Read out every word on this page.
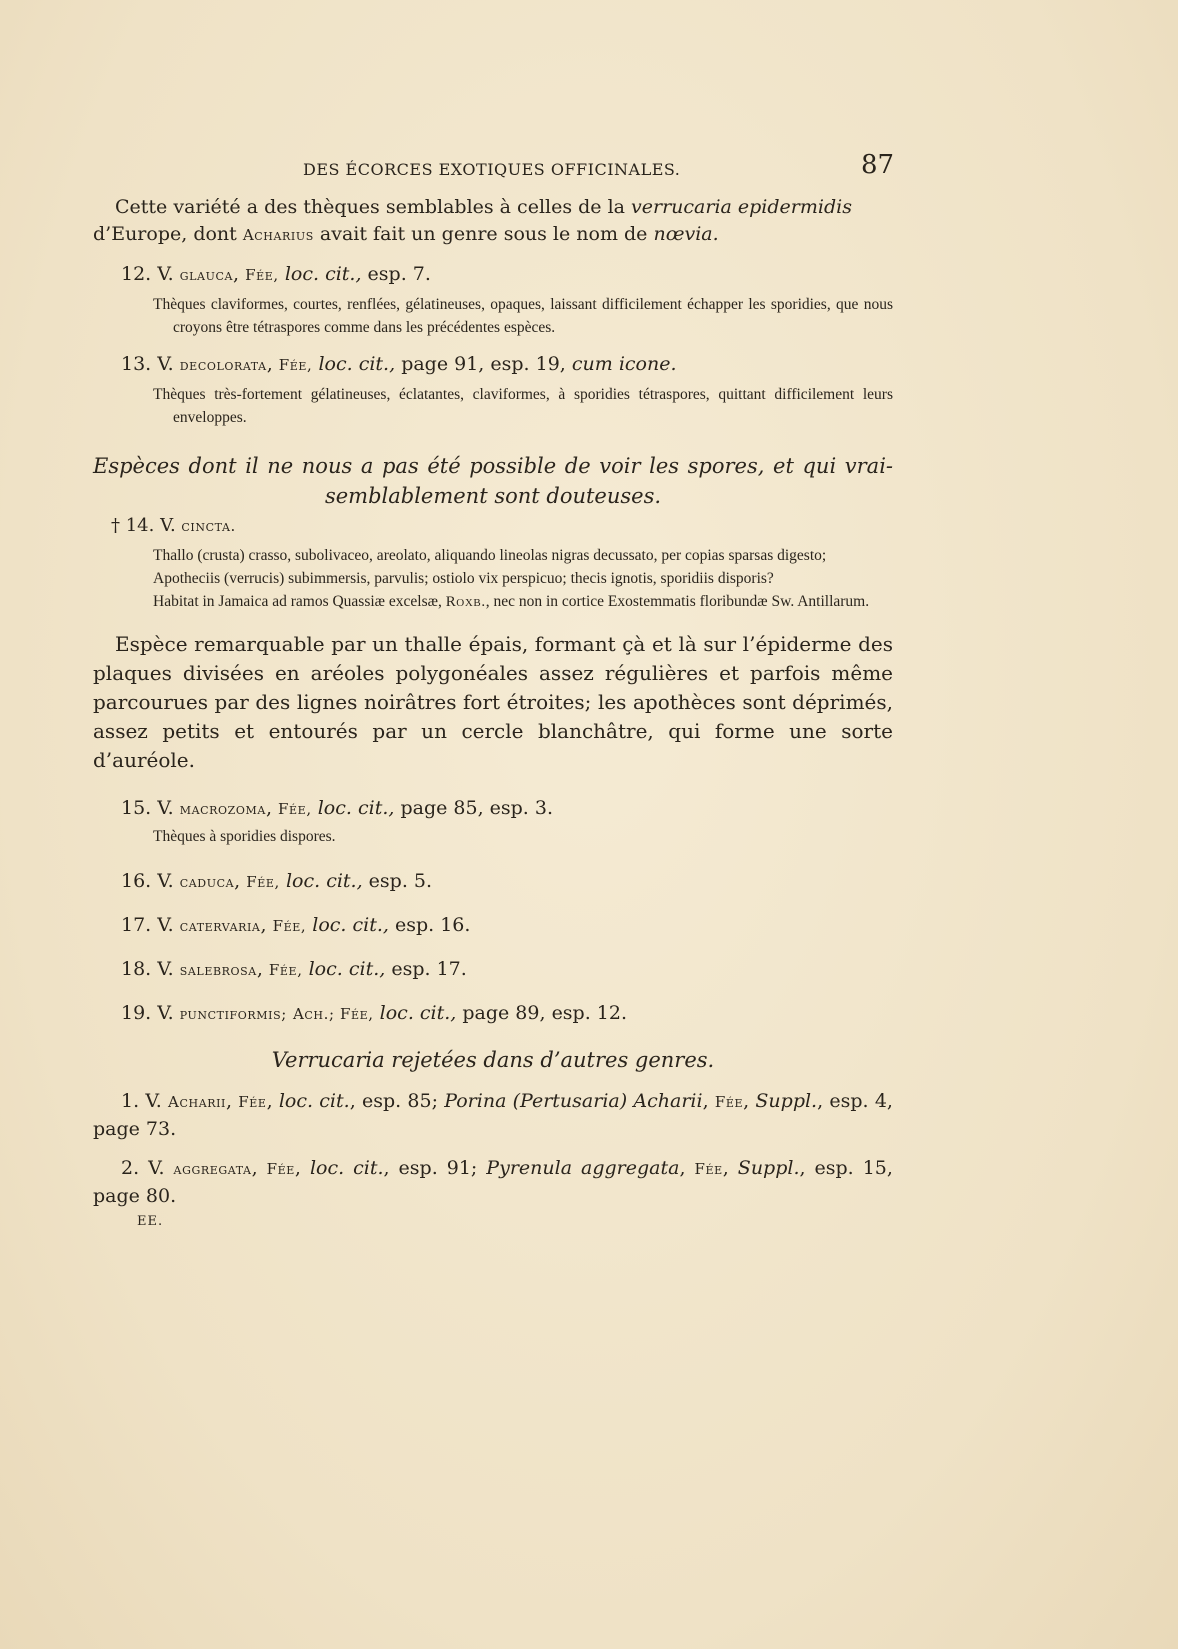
DES ÉCORCES EXOTIQUES OFFICINALES.	87

Cette variété a des thèques semblables à celles de la verrucaria epidermidis
d’Europe, dont Acharius avait fait un genre sous le nom de nœvia.

12. V. glauca, Fée, loc. cit., esp. 7.

Thèques claviformes, courtes, renflées, gélatineuses, opaques, laissant difficilement échapper les sporidies, que nous croyons être tétraspores comme dans les précédentes espèces.

13. V. decolorata, Fée, loc. cit., page 91, esp. 19, cum icone.

Thèques très-fortement gélatineuses, éclatantes, claviformes, à sporidies tétraspores, quittant difficilement leurs enveloppes.

Espèces dont il ne nous a pas été possible de voir les spores, et qui vrai-

semblablement sont douteuses.

† 14. V. cincta.

Thallo (crusta) crasso, subolivaceo, areolato, aliquando lineolas nigras decussato, per copias sparsas digesto;

Apotheciis (verrucis) subimmersis, parvulis; ostiolo vix perspicuo; thecis ignotis, sporidiis disporis?

Habitat in Jamaica ad ramos Quassiæ excelsæ, Roxb., nec non in cortice Exostemmatis floribundæ Sw. Antillarum.

Espèce remarquable par un thalle épais, formant çà et là sur l’épiderme des plaques divisées en aréoles polygonéales assez régulières et parfois même parcourues par des lignes noirâtres fort étroites; les apothèces sont déprimés, assez petits et entourés par un cercle blanchâtre, qui forme une sorte d’auréole.

15. V. macrozoma, Fée, loc. cit., page 85, esp. 3.

Thèques à sporidies dispores.

16. V. caduca, Fée, loc. cit., esp. 5.
17. V. catervaria, Fée, loc. cit., esp. 16.
18. V. salebrosa, Fée, loc. cit., esp. 17.
19. V. punctiformis; Ach.; Fée, loc. cit., page 89, esp. 12.
Verrucaria rejetées dans d’autres genres.

1. V. Acharii, Fée, loc. cit., esp. 85; Porina (Pertusaria) Acharii, Fée, Suppl., esp. 4, page 73.

2. V. aggregata, Fée, loc. cit., esp. 91; Pyrenula aggregata, Fée, Suppl., esp. 15, page 80.

EE.
